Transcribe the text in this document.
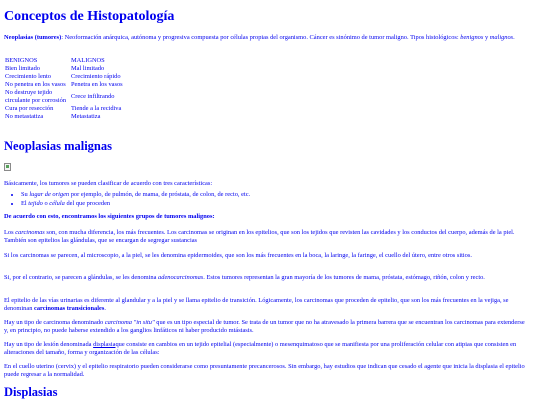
Conceptos de Histopatología

Neoplasias (tumores): Neoformación anárquica, autónoma y progresiva compuesta por células propias del organismo. Cáncer es sinónimo de tumor maligno. Tipos histológicos: benignos y malignos.

BENIGNOS	MALIGNOS
Bien limitado	Mal limitado
Crecimiento lento	Crecimiento rápido
No penetra en los vasos	Penetra en los vasos
No destruye tejido circulante por corrosión	Crece infiltrando
Cura por resección	Tiende a la recidiva
No metastatiza	Metastatiza
Neoplasias malignas

Básicamente, los tumores se pueden clasificar de acuerdo con tres características:

• Su lugar de origen por ejemplo, de pulmón, de mama, de próstata, de colon, de recto, etc.
• El tejido o célula del que proceden

De acuerdo con esto, encontramos los siguientes grupos de tumores malignos:

Los carcinomas son, con mucha diferencia, los más frecuentes. Los carcinomas se originan en los epitelios, que son los tejidos que revisten las cavidades y los conductos del cuerpo, además de la piel. También son epitelios las glándulas, que se encargan de segregar sustancias

Si los carcinomas se parecen, al microscopio, a la piel, se les denomina epidermoides, que son los más frecuentes en la boca, la laringe, la faringe, el cuello del útero, entre otros sitios.

Si, por el contrario, se parecen a glándulas, se les denomina adenocarcinomas. Estos tumores representan la gran mayoría de los tumores de mama, próstata, estómago, riñón, colon y recto.

El epitelio de las vías urinarias es diferente al glandular y a la piel y se llama epitelio de transición. Lógicamente, los carcinomas que proceden de epitelio, que son los más frecuentes en la vejiga, se denominan carcinomas transicionales.

Hay un tipo de carcinoma denominado carcinoma "in situ" que es un tipo especial de tumor. Se trata de un tumor que no ha atravesado la primera barrera que se encuentran los carcinomas para extenderse y, en principio, no puede haberse extendido a los ganglios linfáticos ni haber producido mtástasis.

Hay un tipo de lesión denominada displasiaque consiste en cambios en un tejido epitelial (especialmente) o mesenquimatoso que se manifiesta por una proliferación celular con atipias que consisten en alteraciones del tamaño, forma y organización de las células:

En el cuello uterino (cervix) y el epitelio respiratorio pueden considerarse como presuntamente precancerosos. Sin embargo, hay estudios que indican que cesado el agente que inicia la displasia el epitelio puede regresar a la normalidad.

Displasias
